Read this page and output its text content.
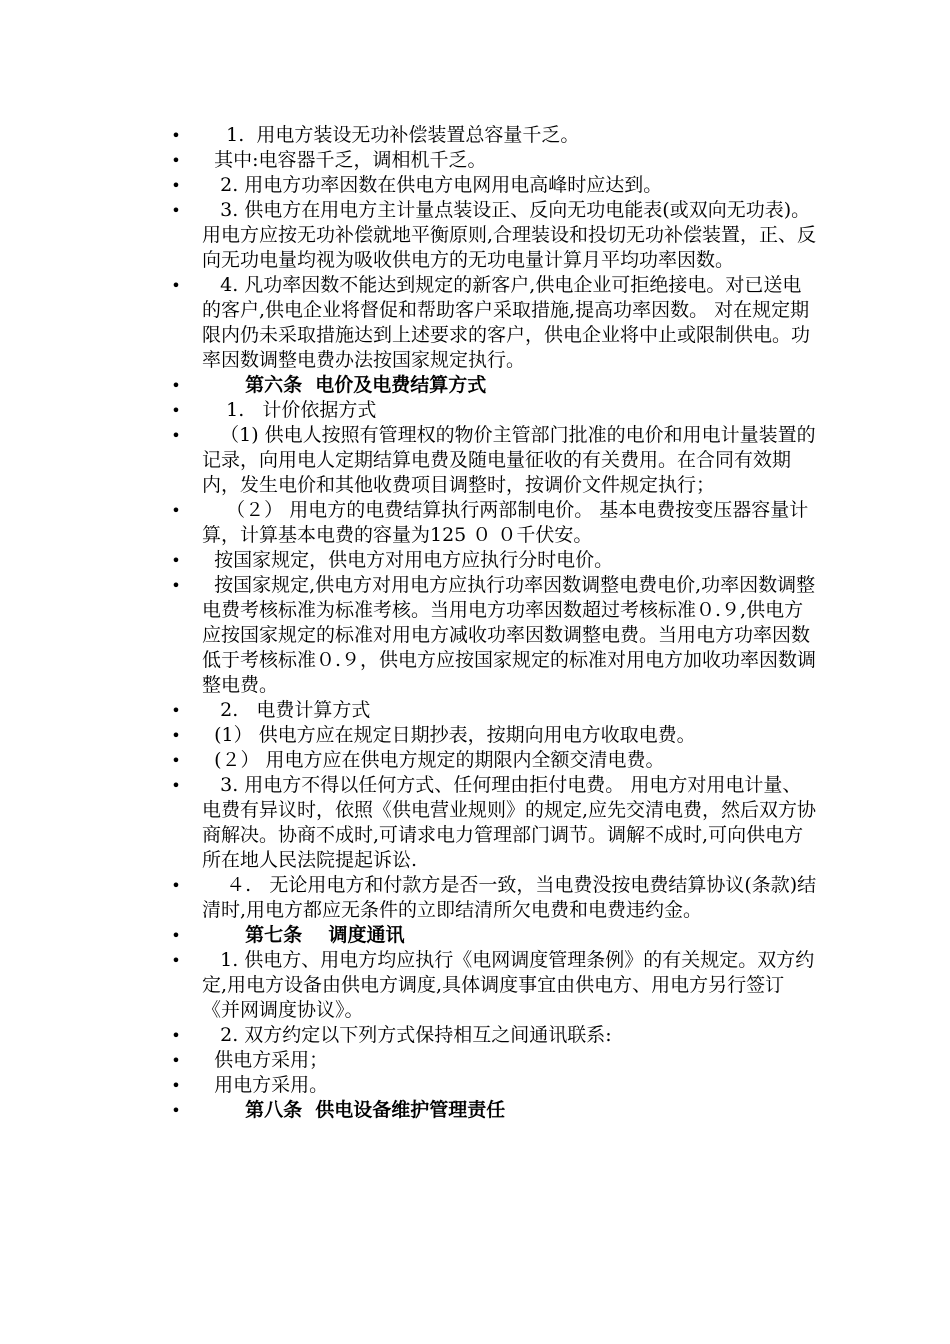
• 1.  用电方装设无功补偿装置总容量千乏。
• 其中:电容器千乏，调相机千乏。
• 2. 用电方功率因数在供电方电网用电高峰时应达到。
• 3. 供电方在用电方主计量点装设正、反向无功电能表(或双向无功表)。 用电方应按无功补偿就地平衡原则,合理装设和投切无功补偿装置，正、反向无功电量均视为吸收供电方的无功电量计算月平均功率因数。
• 4. 凡功率因数不能达到规定的新客户,供电企业可拒绝接电。对已送电的客户,供电企业将督促和帮助客户采取措施,提高功率因数。 对在规定期限内仍未采取措施达到上述要求的客户，供电企业将中止或限制供电。功率因数调整电费办法按国家规定执行。
•	第六条  电价及电费结算方式
• 1.   计价依据方式
• （1) 供电人按照有管理权的物价主管部门批准的电价和用电计量装置的记录，向用电人定期结算电费及随电量征收的有关费用。在合同有效期内，发生电价和其他收费项目调整时，按调价文件规定执行；
• （２） 用电方的电费结算执行两部制电价。 基本电费按变压器容量计算，计算基本电费的容量为125 ０ ０千伏安。
• 按国家规定，供电方对用电方应执行分时电价。
• 按国家规定,供电方对用电方应执行功率因数调整电费电价,功率因数调整电费考核标准为标准考核。当用电方功率因数超过考核标准０.９,供电方应按国家规定的标准对用电方减收功率因数调整电费。当用电方功率因数低于考核标准０.９，供电方应按国家规定的标准对用电方加收功率因数调整电费。
• 2.   电费计算方式
• (1） 供电方应在规定日期抄表，按期向用电方收取电费。
• (２） 用电方应在供电方规定的期限内全额交清电费。
• 3. 用电方不得以任何方式、任何理由拒付电费。 用电方对用电计量、电费有异议时，依照《供电营业规则》的规定,应先交清电费，然后双方协商解决。协商不成时,可请求电力管理部门调节。调解不成时,可向供电方所在地人民法院提起诉讼.
• ４.   无论用电方和付款方是否一致，当电费没按电费结算协议(条款)结清时,用电方都应无条件的立即结清所欠电费和电费违约金。
•	第七条    调度通讯
• 1. 供电方、用电方均应执行《电网调度管理条例》的有关规定。双方约定,用电方设备由供电方调度,具体调度事宜由供电方、用电方另行签订《并网调度协议》。
• 2. 双方约定以下列方式保持相互之间通讯联系:
• 供电方采用；
• 用电方采用。
•	第八条  供电设备维护管理责任
